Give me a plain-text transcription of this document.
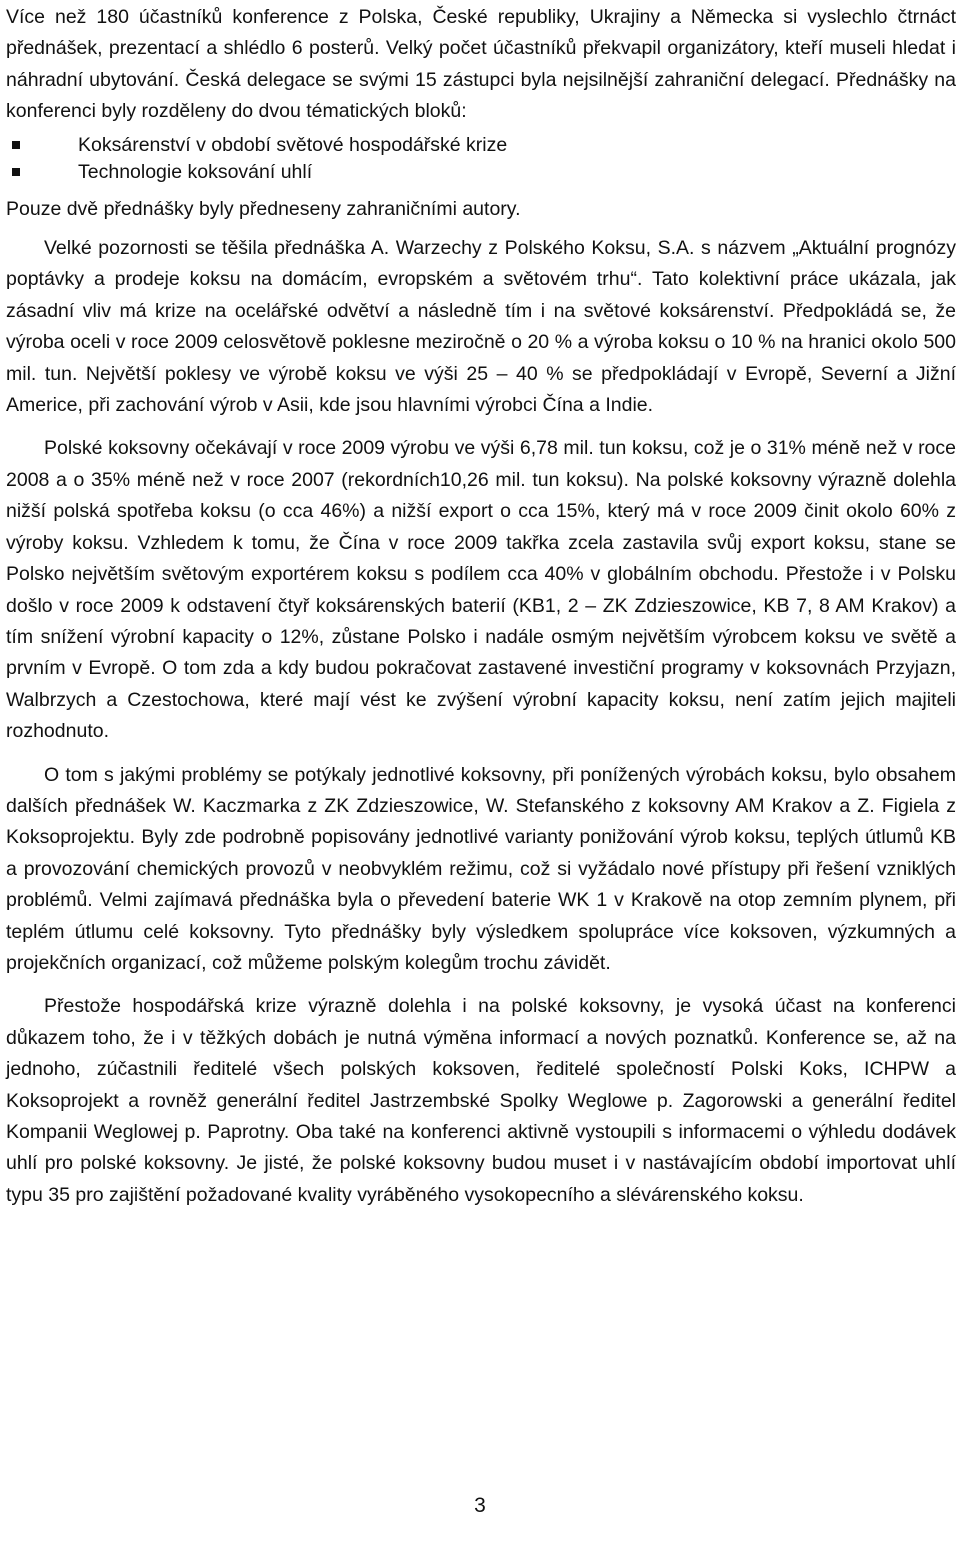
Více než 180 účastníků konference z Polska, České republiky, Ukrajiny a Německa si vyslechlo čtrnáct přednášek, prezentací a shlédlo 6 posterů. Velký počet účastníků překvapil organizátory, kteří museli hledat i náhradní ubytování. Česká delegace se svými 15 zástupci byla nejsilnější zahraniční delegací. Přednášky na konferenci byly rozděleny do dvou tématických bloků:

Koksárenství v období světové hospodářské krize
Technologie koksování uhlí

Pouze dvě přednášky byly předneseny zahraničními autory.

Velké pozornosti se těšila přednáška A. Warzechy z Polského Koksu, S.A. s názvem „Aktuální prognózy poptávky a prodeje koksu na domácím, evropském a světovém trhu“. Tato kolektivní práce ukázala, jak zásadní vliv má krize na ocelářské odvětví a následně tím i na světové koksárenství. Předpokládá se, že výroba oceli v roce 2009 celosvětově poklesne meziročně o 20 % a výroba koksu o 10 % na hranici okolo 500 mil. tun. Největší poklesy ve výrobě koksu ve výši 25 – 40 % se předpokládají v Evropě, Severní a Jižní Americe, při zachování výrob v Asii, kde jsou hlavními výrobci Čína a Indie.

Polské koksovny očekávají v roce 2009 výrobu ve výši 6,78 mil. tun koksu, což je o 31% méně než v roce 2008 a o 35% méně než v roce 2007 (rekordních10,26 mil. tun koksu). Na polské koksovny výrazně dolehla nižší polská spotřeba koksu (o cca 46%) a nižší export o cca 15%, který má v roce 2009 činit okolo 60% z výroby koksu. Vzhledem k tomu, že Čína v roce 2009 takřka zcela zastavila svůj export koksu, stane se Polsko největším světovým exportérem koksu s podílem cca 40% v globálním obchodu. Přestože i v Polsku došlo v roce 2009 k odstavení čtyř koksárenských baterií (KB1, 2 – ZK Zdzieszowice, KB 7, 8 AM Krakov) a tím snížení výrobní kapacity o 12%, zůstane Polsko i nadále osmým největším výrobcem koksu ve světě a prvním v Evropě. O tom zda a kdy budou pokračovat zastavené investiční programy v koksovnách Przyjazn, Walbrzych a Czestochowa, které mají vést ke zvýšení výrobní kapacity koksu, není zatím jejich majiteli rozhodnuto.

O tom s jakými problémy se potýkaly jednotlivé koksovny, při ponížených výrobách koksu, bylo obsahem dalších přednášek W. Kaczmarka z ZK Zdzieszowice, W. Stefanského z koksovny AM Krakov a Z. Figiela z Koksoprojektu. Byly zde podrobně popisovány jednotlivé varianty ponižování výrob koksu, teplých útlumů KB a provozování chemických provozů v neobvyklém režimu, což si vyžádalo nové přístupy při řešení vzniklých problémů. Velmi zajímavá přednáška byla o převedení baterie WK 1 v Krakově na otop zemním plynem, při teplém útlumu celé koksovny. Tyto přednášky byly výsledkem spolupráce více koksoven, výzkumných a projekčních organizací, což můžeme polským kolegům trochu závidět.

Přestože hospodářská krize výrazně dolehla i na polské koksovny, je vysoká účast na konferenci důkazem toho, že i v těžkých dobách je nutná výměna informací a nových poznatků. Konference se, až na jednoho, zúčastnili ředitelé všech polských koksoven, ředitelé společností Polski Koks, ICHPW a Koksoprojekt a rovněž generální ředitel Jastrzembské Spolky Weglowe p. Zagorowski a generální ředitel Kompanii Weglowej p. Paprotny. Oba také na konferenci aktivně vystoupili s informacemi o výhledu dodávek uhlí pro polské koksovny. Je jisté, že polské koksovny budou muset i v nastávajícím období importovat uhlí typu 35 pro zajištění požadované kvality vyráběného vysokopecního a slévárenského koksu.

3
